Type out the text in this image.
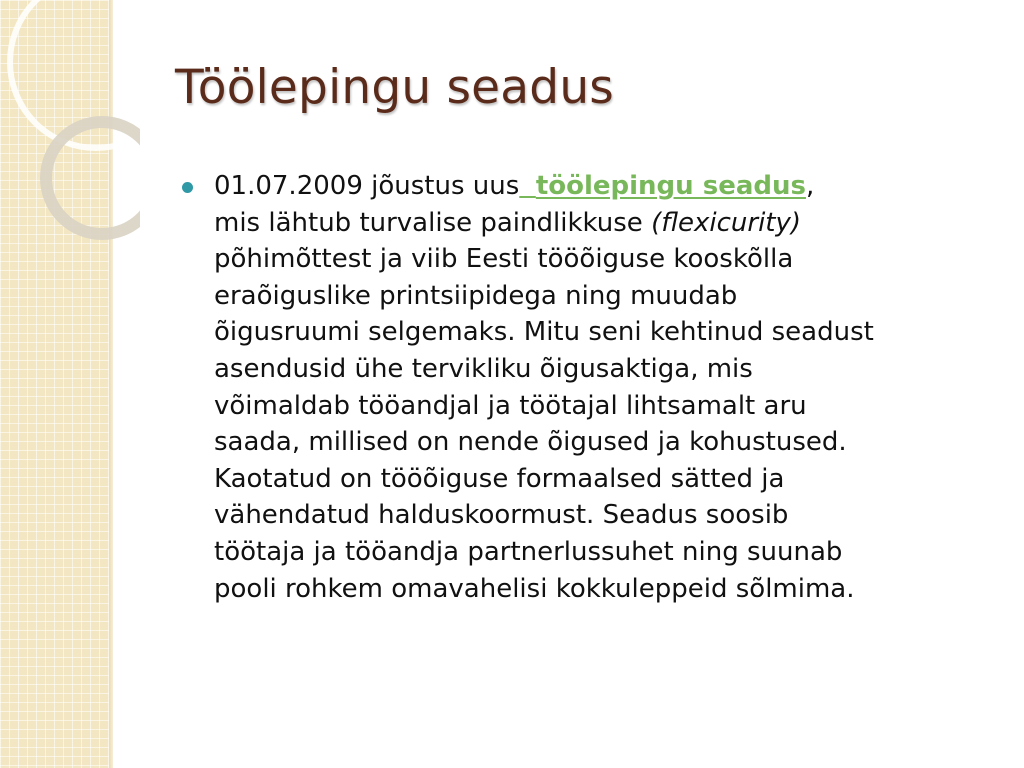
Töölepingu seadus
01.07.2009 jõustus uus töölepingu seadus,
mis lähtub turvalise paindlikkuse (flexicurity)
põhimõttest ja viib Eesti tööõiguse kooskõlla
eraõiguslike printsiipidega ning muudab
õigusruumi selgemaks. Mitu seni kehtinud seadust
asendusid ühe tervikliku õigusaktiga, mis
võimaldab tööandjal ja töötajal lihtsamalt aru
saada, millised on nende õigused ja kohustused.
Kaotatud on tööõiguse formaalsed sätted ja
vähendatud halduskoormust. Seadus soosib
töötaja ja tööandja partnerlussuhet ning suunab
pooli rohkem omavahelisi kokkuleppeid sõlmima.
